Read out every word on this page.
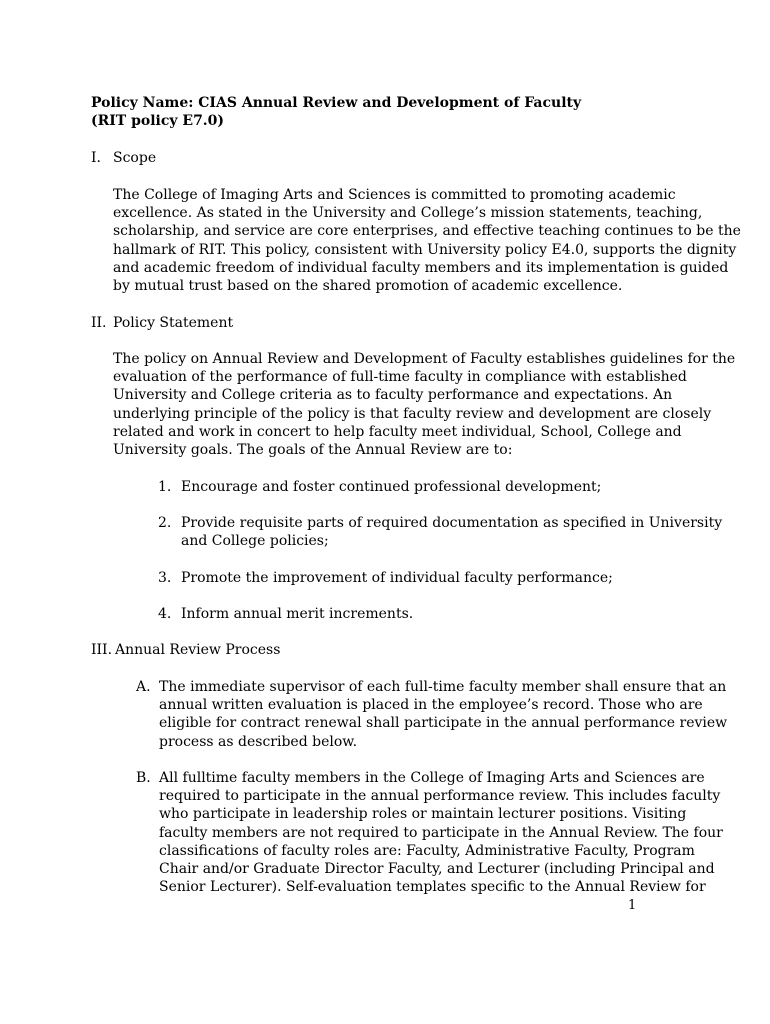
Policy Name: CIAS Annual Review and Development of Faculty
(RIT policy E7.0)
I. Scope
The College of Imaging Arts and Sciences is committed to promoting academic
excellence. As stated in the University and College’s mission statements, teaching,
scholarship, and service are core enterprises, and effective teaching continues to be the
hallmark of RIT. This policy, consistent with University policy E4.0, supports the dignity
and academic freedom of individual faculty members and its implementation is guided
by mutual trust based on the shared promotion of academic excellence.
II. Policy Statement
The policy on Annual Review and Development of Faculty establishes guidelines for the
evaluation of the performance of full-time faculty in compliance with established
University and College criteria as to faculty performance and expectations. An
underlying principle of the policy is that faculty review and development are closely
related and work in concert to help faculty meet individual, School, College and
University goals. The goals of the Annual Review are to:
1. Encourage and foster continued professional development;
2. Provide requisite parts of required documentation as specified in University
and College policies;
3. Promote the improvement of individual faculty performance;
4. Inform annual merit increments.
III. Annual Review Process
A. The immediate supervisor of each full-time faculty member shall ensure that an
annual written evaluation is placed in the employee’s record. Those who are
eligible for contract renewal shall participate in the annual performance review
process as described below.
B. All fulltime faculty members in the College of Imaging Arts and Sciences are
required to participate in the annual performance review. This includes faculty
who participate in leadership roles or maintain lecturer positions. Visiting
faculty members are not required to participate in the Annual Review. The four
classifications of faculty roles are: Faculty, Administrative Faculty, Program
Chair and/or Graduate Director Faculty, and Lecturer (including Principal and
Senior Lecturer). Self-evaluation templates specific to the Annual Review for
1
